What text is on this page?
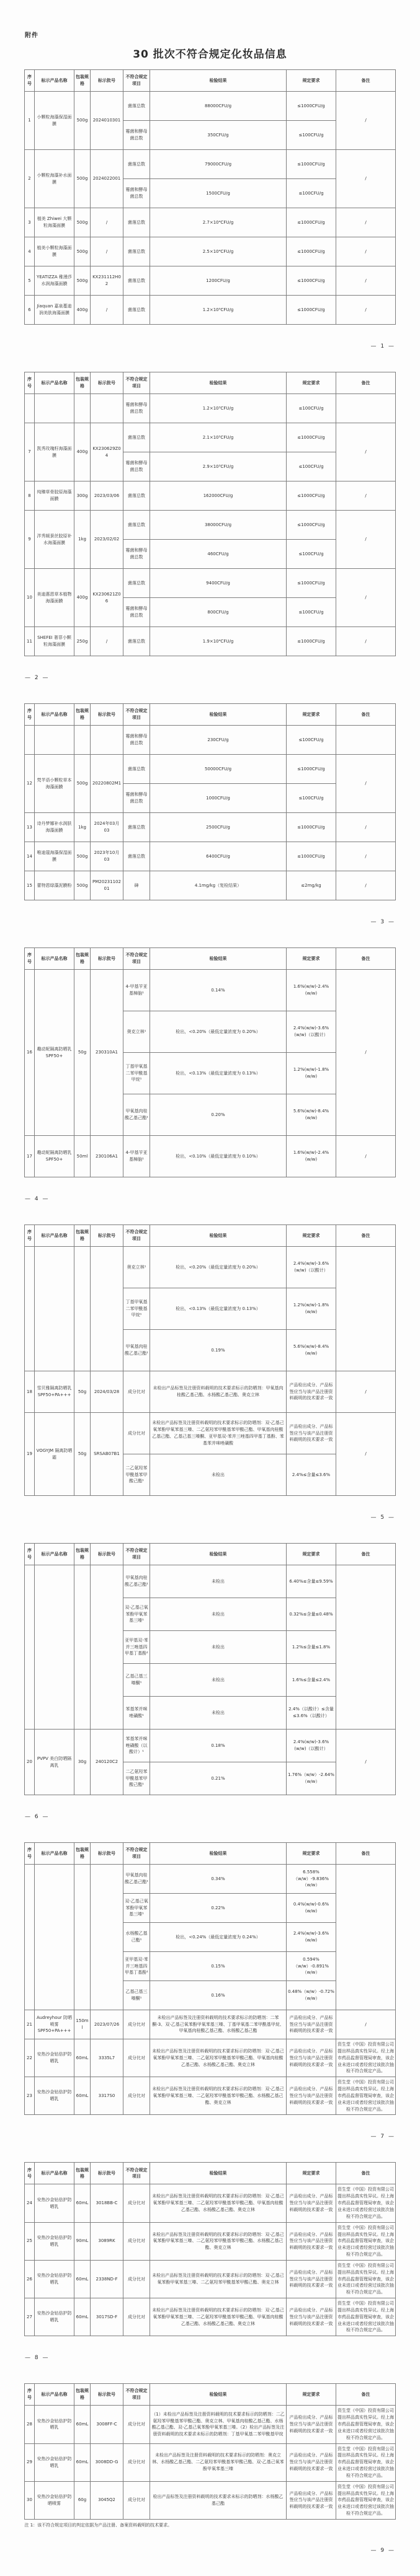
附件
30 批次不符合规定化妆品信息
序号	标示产品名称	包装规格	标示批号	不符合规定项目	检验结果	规定要求	备注
1	小颗粒海藻保湿面膜	500g	2024010301	菌落总数	88000CFU/g	≤1000CFU/g	/
				霉菌和酵母菌总数	350CFU/g	≤100CFU/g	
2	小颗粒海藻补水面膜	500g	2024022001	菌落总数	79000CFU/g	≤1000CFU/g	/
				霉菌和酵母菌总数	1500CFU/g	≤100CFU/g	
3	植美 Zhiwei 大颗粒海藻面膜	500g	/	菌落总数	2.7×10⁴CFU/g	≤1000CFU/g	/
4	植美小颗粒海藻面膜	500g	/	菌落总数	2.5×10⁴CFU/g	≤1000CFU/g	/
5	YEATIZZA 稚漫莎水润海藻面膜	500g	KX231112H02	菌落总数	1200CFU/g	≤1000CFU/g	/
6	Jiaquan 嘉泉蔓迪润美肤海藻面膜	400g	/	菌落总数	1.2×10⁵CFU/g	≤1000CFU/g	/
— 1 —
序号	标示产品名称	包装规格	标示批号	不符合规定项目	检验结果	规定要求	备注
				霉菌和酵母菌总数	1.2×10³CFU/g	≤100CFU/g	
7	凯秀玫瑰籽海藻面膜	400g	KX230629Z04	菌落总数	2.1×10⁵CFU/g	≤1000CFU/g	/
				霉菌和酵母菌总数	2.9×10³CFU/g	≤100CFU/g	
8	纯臻草骨胶原海藻面膜	300g	2023/03/06	菌落总数	162000CFU/g	≤1000CFU/g	/
9	泮秀媛蚕丝胶原补水海藻面膜	1kg	2023/02/02	菌落总数	38000CFU/g	≤1000CFU/g	/
				霉菌和酵母菌总数	460CFU/g	≤100CFU/g	
10	美迪惠恩草本植物海藻面膜	400g	KX230621Z06	菌落总数	9400CFU/g	≤1000CFU/g	/
				霉菌和酵母菌总数	800CFU/g	≤100CFU/g	
11	SHEFEI 奢菲小颗粒海藻面膜	250g	/	菌落总数	1.9×10⁴CFU/g	≤1000CFU/g	/
— 2 —
序号	标示产品名称	包装规格	标示批号	不符合规定项目	检验结果	规定要求	备注
				霉菌和酵母菌总数	230CFU/g	≤100CFU/g	
12	梵芊语小颗粒草本海藻面膜	500g	20220802M1	菌落总数	50000CFU/g	≤1000CFU/g	/
				霉菌和酵母菌总数	1000CFU/g	≤100CFU/g	
13	诗丹梦娜补水润肤海藻面膜	1kg	2024年03月03	菌落总数	2500CFU/g	≤1000CFU/g	/
14	唯迪蔻海藻保湿面膜	500g	2023年10月03	菌落总数	6400CFU/g	≤1000CFU/g	/
15	蕾特恩绿藻泥膜粉	500g	PM2023110201	砷	4.1mg/kg（复检结果）	≤2mg/kg	/
— 3 —
序号	标示产品名称	包装规格	标示批号	不符合规定项目	检验结果	规定要求	备注
16	趣动妮隔离防晒乳 SPF50+	50g	230310A1	4-甲基苄亚基樟脑¹	0.14%	1.6%(w/w)-2.4%(w/w)	/
				奥克立林¹	检出，<0.20%（最低定量浓度为 0.20%）	2.4%(w/w)-3.6%(w/w)（以酸计）	
				丁基甲氧基二苯甲酰基甲烷¹	检出，<0.13%（最低定量浓度为 0.13%）	1.2%(w/w)-1.8%(w/w)	
				甲氧基肉桂酸乙基己酯¹	0.20%	5.6%(w/w)-8.4%(w/w)	
17	趣动妮隔离防晒乳 SPF50+	50ml	230106A1	4-甲基苄亚基樟脑¹	检出，<0.10%（最低定量浓度为 0.10%）	1.6%(w/w)-2.4%(w/w)	/
— 4 —
序号	标示产品名称	包装规格	标示批号	不符合规定项目	检验结果	规定要求	备注
				奥克立林¹	检出，<0.20%（最低定量浓度为 0.20%）	2.4%(w/w)-3.6%(w/w)（以酸计）	
				丁基甲氧基二苯甲酰基甲烷¹	检出，<0.13%（最低定量浓度为 0.13%）	1.2%(w/w)-1.8%(w/w)	
				甲氧基肉桂酸乙基己酯¹	0.19%	5.6%(w/w)-8.4%(w/w)	
18	雪贝雅隔离防晒乳 SPF50+PA+++	50g	2024/03/28	成分比对	未检出产品标签及注册资料载明的技术要求标示的防晒剂：甲氧基肉桂酸乙基己酯、水杨酸乙基己酯、奥克立林	产品检出成分、产品标签应当与该产品注册资料载明的技术要求一致	/
19	VOGYJM 隔离防晒霜	50g	SRSAB07B1	成分比对	未检出产品标签及注册资料载明的技术要求标示的防晒剂：双-乙基己氧苯酚甲氧苯基三嗪、二乙氨羟苯甲酰基苯甲酸己酯、甲氧基肉桂酸乙基己酯、乙基己基三嗪酮、亚甲基双-苯并三唑基四甲基丁基酚、苯基苯并咪唑磺酸	产品检出成分、产品标签应当与该产品注册资料载明的技术要求一致	/
				二乙氨羟苯甲酰基苯甲酸己酯¹	未检出	2.4%≤含量≤3.6%	
— 5 —
序号	标示产品名称	包装规格	标示批号	不符合规定项目	检验结果	规定要求	备注
				甲氧基肉桂酸乙基己酯¹	未检出	6.40%≤含量≤9.59%	
				双-乙基己氧苯酚甲氧苯基三嗪¹	未检出	0.32%≤含量≤0.48%	
				亚甲基双-苯并三唑基四甲基丁基酚¹	未检出	1.2%≤含量≤1.8%	
				乙基己基三嗪酮¹	未检出	1.6%≤含量≤2.4%	
				苯基苯并咪唑磺酸¹	未检出	2.4%（以酸计）≤含量≤3.6%（以酸计）	
20	PVPV 美白防晒隔离乳	30g	240120C2	苯基苯并咪唑磺酸（以酸计）¹	0.18%	2.4%(w/w)-3.6%(w/w)（以酸计）	/
				二乙氨羟苯甲酰基苯甲酸己酯¹	0.21%	1.76%（w/w）-2.64%（w/w）	
— 6 —
序号	标示产品名称	包装规格	标示批号	不符合规定项目	检验结果	规定要求	备注
				甲氧基肉桂酸乙基己酯¹	0.34%	6.558%（w/w）-9.836%（w/w）	
				双-乙基己氧苯酚甲氧苯基三嗪¹	0.22%	0.4%(w/w)-0.6%(w/w)	
				水杨酸乙基己酯¹	检出，<0.24%（最低定量浓度为 0.24%）	2.4%(w/w)-3.6%(w/w)	
				亚甲基双-苯并三唑基四甲基丁基酚¹	0.15%	0.594%（w/w）-0.891%（w/w）	
				乙基己基三嗪酮¹	0.16%	0.48%（w/w）-0.72%（w/w）	
21	Audreyhour 防晒喷雾 SPF50+PA+++	150ml	2023/07/26	成分比对	未检出产品标签及注册资料载明的技术要求标示的防晒剂：二苯酮-3、双-乙基己氧苯酚甲氧苯基三嗪、丁基甲氧基二苯甲酰基甲烷、甲氧基肉桂酸乙基己酯、水杨酸乙基己酯	产品检出成分、产品标签应当与该产品注册资料载明的技术要求一致	/
22	安热沙金钻倍护防晒乳	60mL	3335L7	成分比对	未检出产品标签及注册资料载明的技术要求标示的防晒剂：双-乙基己氧苯酚甲氧苯基三嗪、二乙氨羟苯甲酰基苯甲酸己酯、甲氧基肉桂酸乙基己酯、水杨酸乙基己酯、奥克立林	产品检出成分、产品标签应当与该产品注册资料载明的技术要求一致	资生堂（中国）投资有限公司提出样品真实性异议。经上海市药品监督管理局审查，该企业未进口或者经营过该批次抽检不符合规定产品。
23	安热沙金钻倍护防晒乳	60mL	3317S0	成分比对	未检出产品标签及注册资料载明的技术要求标示的防晒剂：双-乙基己氧苯酚甲氧苯基三嗪、二乙氨羟苯甲酰基苯甲酸己酯、水杨酸乙基己酯、奥克立林	产品检出成分、产品标签应当与该产品注册资料载明的技术要求一致	资生堂（中国）投资有限公司提出样品真实性异议。经上海市药品监督管理局审查，该企业未进口或者经营过该批次抽检不符合规定产品。
— 7 —
序号	标示产品名称	包装规格	标示批号	不符合规定项目	检验结果	规定要求	备注
24	安热沙金钻倍护防晒乳	60mL	3018BB-C	成分比对	未检出产品标签及注册资料载明的技术要求标示的防晒剂：双-乙基己氧苯酚甲氧苯基三嗪、二乙氨羟苯甲酰基苯甲酸己酯、甲氧基肉桂酸乙基己酯、水杨酸乙基己酯、奥克立林	产品检出成分、产品标签应当与该产品注册资料载明的技术要求一致	资生堂（中国）投资有限公司提出样品真实性异议。经上海市药品监督管理局审查，该企业未进口或者经营过该批次抽检不符合规定产品。
25	安热沙金钻倍护防晒乳	90mL	3089RK	成分比对	未检出产品标签及注册资料载明的技术要求标示的防晒剂：双-乙基己氧苯酚甲氧苯基三嗪、二乙氨羟苯甲酰基苯甲酸己酯、水杨酸乙基己酯、奥克立林	产品检出成分、产品标签应当与该产品注册资料载明的技术要求一致	资生堂（中国）投资有限公司提出样品真实性异议。经上海市药品监督管理局审查，该企业未进口或者经营过该批次抽检不符合规定产品。
26	安热沙金钻倍护防晒乳	60mL	2338ND-F	成分比对	未检出产品标签及注册资料载明的技术要求标示的防晒剂：双-乙基己氧苯酚甲氧苯基三嗪、二乙氨羟苯甲酰基苯甲酸己酯、奥克立林	产品检出成分、产品标签应当与该产品注册资料载明的技术要求一致	资生堂（中国）投资有限公司提出样品真实性异议。经上海市药品监督管理局审查，该企业未进口或者经营过该批次抽检不符合规定产品。
27	安热沙金钻倍护防晒乳	60mL	3017SD-F	成分比对	未检出产品标签及注册资料载明的技术要求标示的防晒剂：双-乙基己氧苯酚甲氧苯基三嗪、二乙氨羟苯甲酰基苯甲酸己酯、甲氧基肉桂酸乙基己酯、水杨酸乙基己酯、奥克立林	产品检出成分、产品标签应当与该产品注册资料载明的技术要求一致	资生堂（中国）投资有限公司提出样品真实性异议。经上海市药品监督管理局审查，该企业未进口或者经营过该批次抽检不符合规定产品。
— 8 —
序号	标示产品名称	包装规格	标示批号	不符合规定项目	检验结果	规定要求	备注
28	安热沙金钻倍护防晒乳	60mL	3008FF-C	成分比对	（1）未检出产品标签及注册资料载明的技术要求标示的防晒剂：二乙氨羟苯甲酰基苯甲酸己酯、奥克立林、甲氧基肉桂酸乙基己酯、水杨酸乙基己酯、双-乙基己氧苯酚甲氧苯基三嗪。（2）检出产品标签及注册资料载明的技术要求未标示的防晒剂：丁基甲氧基二苯甲酰基甲烷	产品检出成分、产品标签应当与该产品注册资料载明的技术要求一致	资生堂（中国）投资有限公司提出样品真实性异议。经上海市药品监督管理局审查，该企业未进口或者经营过该批次抽检不符合规定产品。
29	安热沙金钻倍护防晒乳	60mL	3008DD-G	成分比对	未检出产品标签及注册资料载明的技术要求标示的防晒剂：奥克立林、水杨酸乙基己酯、二乙氨羟苯甲酰基苯甲酸己酯、双-乙基己氧苯酚甲氧苯基三嗪	产品检出成分、产品标签应当与该产品注册资料载明的技术要求一致	资生堂（中国）投资有限公司提出样品真实性异议。经上海市药品监督管理局审查，该企业未进口或者经营过该批次抽检不符合规定产品。
30	安热沙金钻倍护防晒喷雾	60g	3045Q2	成分比对	检出产品标签及注册资料载明的技术要求未标示的防晒剂：水杨酸乙基己酯	产品检出成分、产品标签应当与该产品注册资料载明的技术要求一致	资生堂（中国）投资有限公司提出样品真实性异议。经上海市药品监督管理局审查，该企业未进口或者经营过该批次抽检不符合规定产品。
注 1：该不符合规定项目的判定依据为产品注册、备案资料载明的技术要求。
— 9 —
